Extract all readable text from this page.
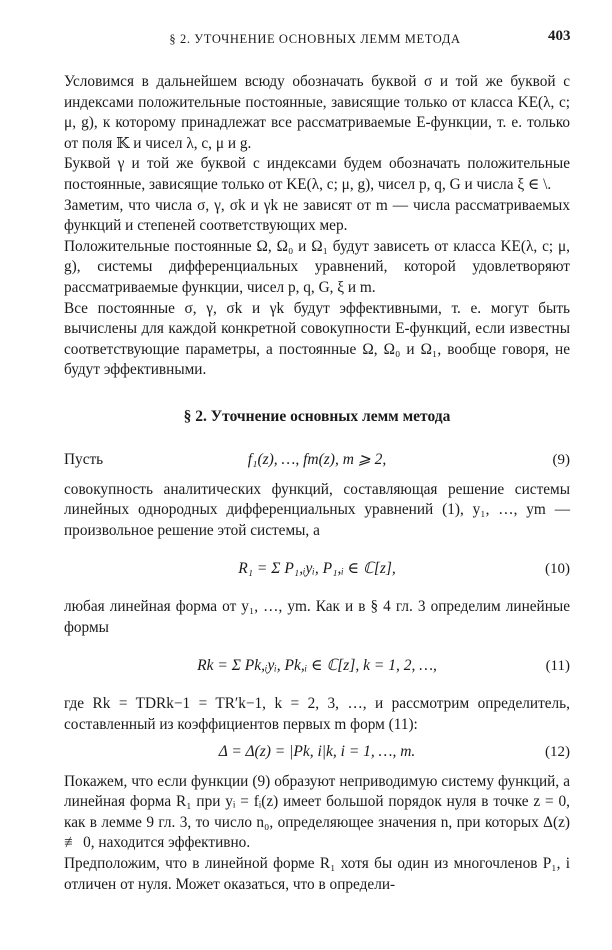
§ 2. УТОЧНЕНИЕ ОСНОВНЫХ ЛЕММ МЕТОДА	403

Условимся в дальнейшем всюду обозначать буквой σ и той же буквой с индексами положительные постоянные, зависящие только от класса KE(λ, c; μ, g), к которому принадлежат все рассматриваемые Е-функции, т. е. только от поля 𝕂 и чисел λ, c, μ и g.

Буквой γ и той же буквой с индексами будем обозначать положительные постоянные, зависящие только от KE(λ, c; μ, g), чисел p, q, G и числа ξ ∈ \.

Заметим, что числа σ, γ, σk и γk не зависят от m — числа рассматриваемых функций и степеней соответствующих мер.

Положительные постоянные Ω, Ω₀ и Ω₁ будут зависеть от класса KE(λ, c; μ, g), системы дифференциальных уравнений, которой удовлетворяют рассматриваемые функции, чисел p, q, G, ξ и m.

Все постоянные σ, γ, σk и γk будут эффективными, т. е. могут быть вычислены для каждой конкретной совокупности Е-функций, если известны соответствующие параметры, а постоянные Ω, Ω₀ и Ω₁, вообще говоря, не будут эффективными.

§ 2. Уточнение основных лемм метода
Пусть	f₁(z), …, fm(z), m ⩾ 2,	(9)

совокупность аналитических функций, составляющая решение системы линейных однородных дифференциальных уравнений (1), y₁, …, ym — произвольное решение этой системы, а

R₁ = Σ P₁,ᵢyᵢ, P₁,ᵢ ∈ ℂ[z],	(10)

любая линейная форма от y₁, …, ym. Как и в § 4 гл. 3 определим линейные формы

Rk = Σ Pk,ᵢyᵢ, Pk,ᵢ ∈ ℂ[z], k = 1, 2, …,	(11)

где Rk = TDRk−1 = TR′k−1, k = 2, 3, …, и рассмотрим определитель, составленный из коэффициентов первых m форм (11):

Δ = Δ(z) = |Pk, i|k, i = 1, …, m.	(12)

Покажем, что если функции (9) образуют неприводимую систему функций, а линейная форма R₁ при yᵢ = fᵢ(z) имеет большой порядок нуля в точке z = 0, как в лемме 9 гл. 3, то число n₀, определяющее значения n, при которых Δ(z) ≢ 0, находится эффективно.

Предположим, что в линейной форме R₁ хотя бы один из многочленов P₁, i отличен от нуля. Может оказаться, что в определи-
